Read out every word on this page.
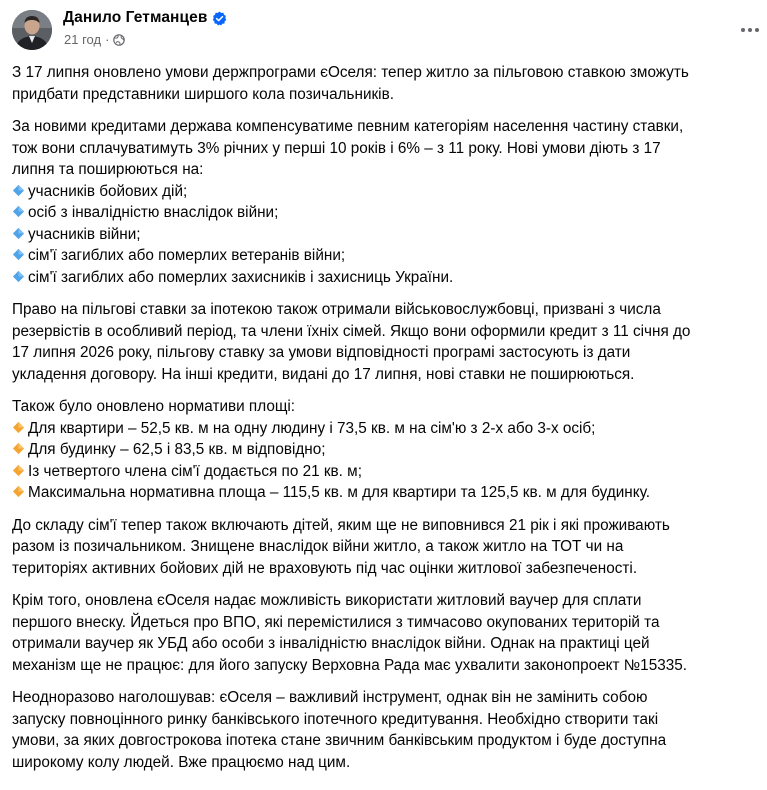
Данило Гетманцев
21 год ·
З 17 липня оновлено умови держпрограми єОселя: тепер житло за пільговою ставкою зможуть
придбати представники ширшого кола позичальників.
За новими кредитами держава компенсуватиме певним категоріям населення частину ставки,
тож вони сплачуватимуть 3% річних у перші 10 років і 6% – з 11 року. Нові умови діють з 17
липня та поширюються на:
учасників бойових дій;
осіб з інвалідністю внаслідок війни;
учасників війни;
сім'ї загиблих або померлих ветеранів війни;
сім'ї загиблих або померлих захисників і захисниць України.
Право на пільгові ставки за іпотекою також отримали військовослужбовці, призвані з числа
резервістів в особливий період, та члени їхніх сімей. Якщо вони оформили кредит з 11 січня до
17 липня 2026 року, пільгову ставку за умови відповідності програмі застосують із дати
укладення договору. На інші кредити, видані до 17 липня, нові ставки не поширюються.
Також було оновлено нормативи площі:
Для квартири – 52,5 кв. м на одну людину і 73,5 кв. м на сім'ю з 2-х або 3-х осіб;
Для будинку – 62,5 і 83,5 кв. м відповідно;
Із четвертого члена сім'ї додається по 21 кв. м;
Максимальна нормативна площа – 115,5 кв. м для квартири та 125,5 кв. м для будинку.
До складу сім'ї тепер також включають дітей, яким ще не виповнився 21 рік і які проживають
разом із позичальником. Знищене внаслідок війни житло, а також житло на ТОТ чи на
територіях активних бойових дій не враховують під час оцінки житлової забезпеченості.
Крім того, оновлена єОселя надає можливість використати житловий ваучер для сплати
першого внеску. Йдеться про ВПО, які перемістилися з тимчасово окупованих територій та
отримали ваучер як УБД або особи з інвалідністю внаслідок війни. Однак на практиці цей
механізм ще не працює: для його запуску Верховна Рада має ухвалити законопроект №15335.
Неодноразово наголошував: єОселя – важливий інструмент, однак він не замінить собою
запуску повноцінного ринку банківського іпотечного кредитування. Необхідно створити такі
умови, за яких довгострокова іпотека стане звичним банківським продуктом і буде доступна
широкому колу людей. Вже працюємо над цим.
